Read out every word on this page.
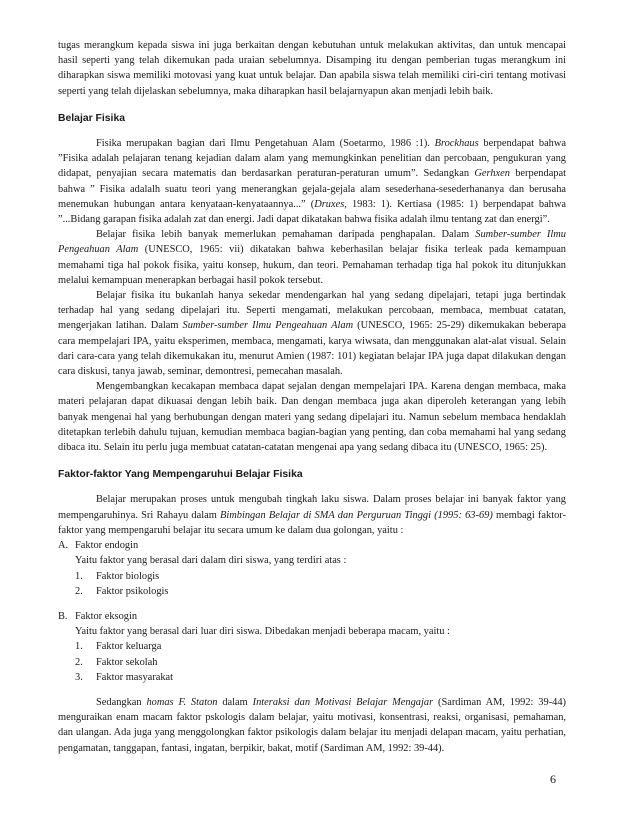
tugas merangkum kepada siswa ini juga berkaitan dengan kebutuhan untuk melakukan aktivitas, dan untuk mencapai hasil seperti yang telah dikemukan pada uraian sebelumnya. Disamping itu dengan pemberian tugas merangkum ini diharapkan siswa memiliki motovasi yang kuat untuk belajar. Dan apabila siswa telah memiliki ciri-ciri tentang motivasi seperti yang telah dijelaskan sebelumnya, maka diharapkan hasil belajarnyapun akan menjadi lebih baik.

Belajar Fisika

Fisika merupakan bagian dari Ilmu Pengetahuan Alam (Soetarmo, 1986 :1). Brockhaus berpendapat bahwa ”Fisika adalah pelajaran tenang kejadian dalam alam yang memungkinkan penelitian dan percobaan, pengukuran yang didapat, penyajian secara matematis dan berdasarkan peraturan-peraturan umum”. Sedangkan Gerhxen berpendapat bahwa ” Fisika adalalh suatu teori yang menerangkan gejala-gejala alam sesederhana-sesederhananya dan berusaha menemukan hubungan antara kenyataan-kenyataannya...” (Druxes, 1983: 1). Kertiasa (1985: 1) berpendapat bahwa ”...Bidang garapan fisika adalah zat dan energi. Jadi dapat dikatakan bahwa fisika adalah ilmu tentang zat dan energi”.

Belajar fisika lebih banyak memerlukan pemahaman daripada penghapalan. Dalam Sumber-sumber Ilmu Pengeahuan Alam (UNESCO, 1965: vii) dikatakan bahwa keberhasilan belajar fisika terleak pada kemampuan memahami tiga hal pokok fisika, yaitu konsep, hukum, dan teori. Pemahaman terhadap tiga hal pokok itu ditunjukkan melalui kemampuan menerapkan berbagai hasil pokok tersebut.

Belajar fisika itu bukanlah hanya sekedar mendengarkan hal yang sedang dipelajari, tetapi juga bertindak terhadap hal yang sedang dipelajari itu. Seperti mengamati, melakukan percobaan, membaca, membuat catatan, mengerjakan latihan. Dalam Sumber-sumber Ilmu Pengeahuan Alam (UNESCO, 1965: 25-29) dikemukakan beberapa cara mempelajari IPA, yaitu eksperimen, membaca, mengamati, karya wiwsata, dan menggunakan alat-alat visual. Selain dari cara-cara yang telah dikemukakan itu, menurut Amien (1987: 101) kegiatan belajar IPA juga dapat dilakukan dengan cara diskusi, tanya jawab, seminar, demontresi, pemecahan masalah.

Mengembangkan kecakapan membaca dapat sejalan dengan mempelajari IPA. Karena dengan membaca, maka materi pelajaran dapat dikuasai dengan lebih baik. Dan dengan membaca juga akan diperoleh keterangan yang lebih banyak mengenai hal yang berhubungan dengan materi yang sedang dipelajari itu. Namun sebelum membaca hendaklah ditetapkan terlebih dahulu tujuan, kemudian membaca bagian-bagian yang penting, dan coba memahami hal yang sedang dibaca itu. Selain itu perlu juga membuat catatan-catatan mengenai apa yang sedang dibaca itu (UNESCO, 1965: 25).

Faktor-faktor Yang Mempengaruhui Belajar Fisika

Belajar merupakan proses untuk mengubah tingkah laku siswa. Dalam proses belajar ini banyak faktor yang mempengaruhinya. Sri Rahayu dalam Bimbingan Belajar di SMA dan Perguruan Tinggi (1995: 63-69) membagi faktor-faktor yang mempengaruhi belajar itu secara umum ke dalam dua golongan, yaitu :

A. Faktor endogin
Yaitu faktor yang berasal dari dalam diri siswa, yang terdiri atas :
1.	Faktor biologis
2.	Faktor psikologis
B. Faktor eksogin
Yaitu faktor yang berasal dari luar diri siswa. Dibedakan menjadi beberapa macam, yaitu :
1.	Faktor keluarga
2.	Faktor sekolah
3.	Faktor masyarakat

Sedangkan homas F. Staton dalam Interaksi dan Motivasi Belajar Mengajar (Sardiman AM, 1992: 39-44) menguraikan enam macam faktor pskologis dalam belajar, yaitu motivasi, konsentrasi, reaksi, organisasi, pemahaman, dan ulangan. Ada juga yang menggolongkan faktor psikologis dalam belajar itu menjadi delapan macam, yaitu perhatian, pengamatan, tanggapan, fantasi, ingatan, berpikir, bakat, motif (Sardiman AM, 1992: 39-44).

6
